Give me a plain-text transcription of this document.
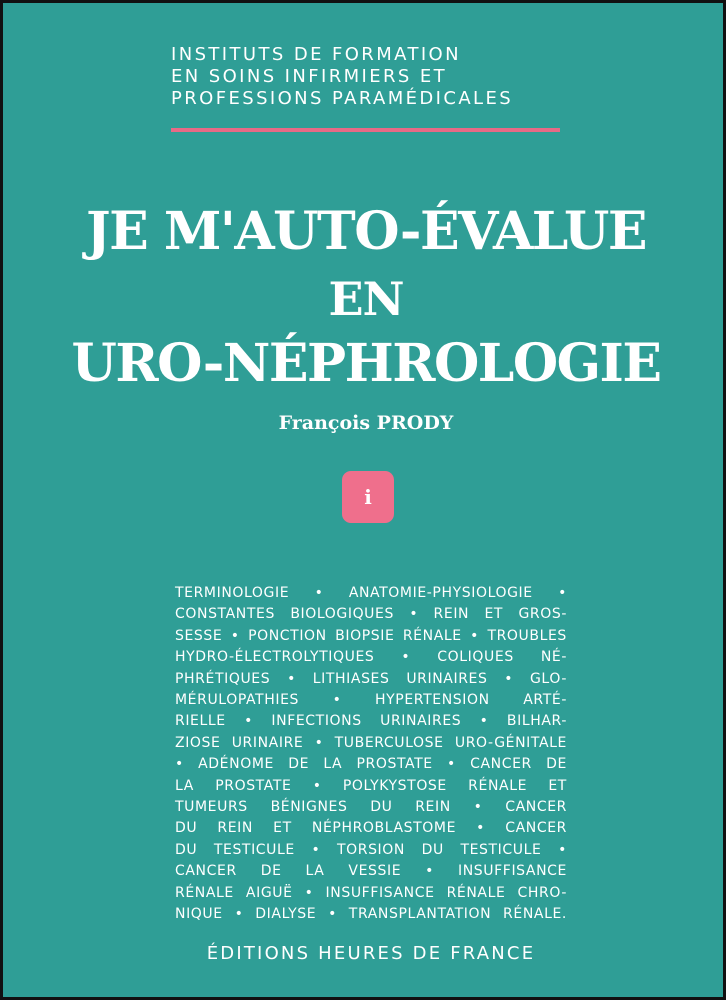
INSTITUTS DE FORMATION
EN SOINS INFIRMIERS ET
PROFESSIONS PARAMÉDICALES
JE M'AUTO-ÉVALUE
EN
URO-NÉPHROLOGIE
François PRODY
i
TERMINOLOGIE • ANATOMIE-PHYSIOLOGIE •
CONSTANTES BIOLOGIQUES • REIN ET GROS-
SESSE • PONCTION BIOPSIE RÉNALE • TROUBLES
HYDRO-ÉLECTROLYTIQUES • COLIQUES NÉ-
PHRÉTIQUES • LITHIASES URINAIRES • GLO-
MÉRULOPATHIES • HYPERTENSION ARTÉ-
RIELLE • INFECTIONS URINAIRES • BILHAR-
ZIOSE URINAIRE • TUBERCULOSE URO-GÉNITALE
• ADÉNOME DE LA PROSTATE • CANCER DE
LA PROSTATE • POLYKYSTOSE RÉNALE ET
TUMEURS BÉNIGNES DU REIN • CANCER
DU REIN ET NÉPHROBLASTOME • CANCER
DU TESTICULE • TORSION DU TESTICULE •
CANCER DE LA VESSIE • INSUFFISANCE
RÉNALE AIGUË • INSUFFISANCE RÉNALE CHRO-
NIQUE • DIALYSE • TRANSPLANTATION RÉNALE.
ÉDITIONS HEURES DE FRANCE
